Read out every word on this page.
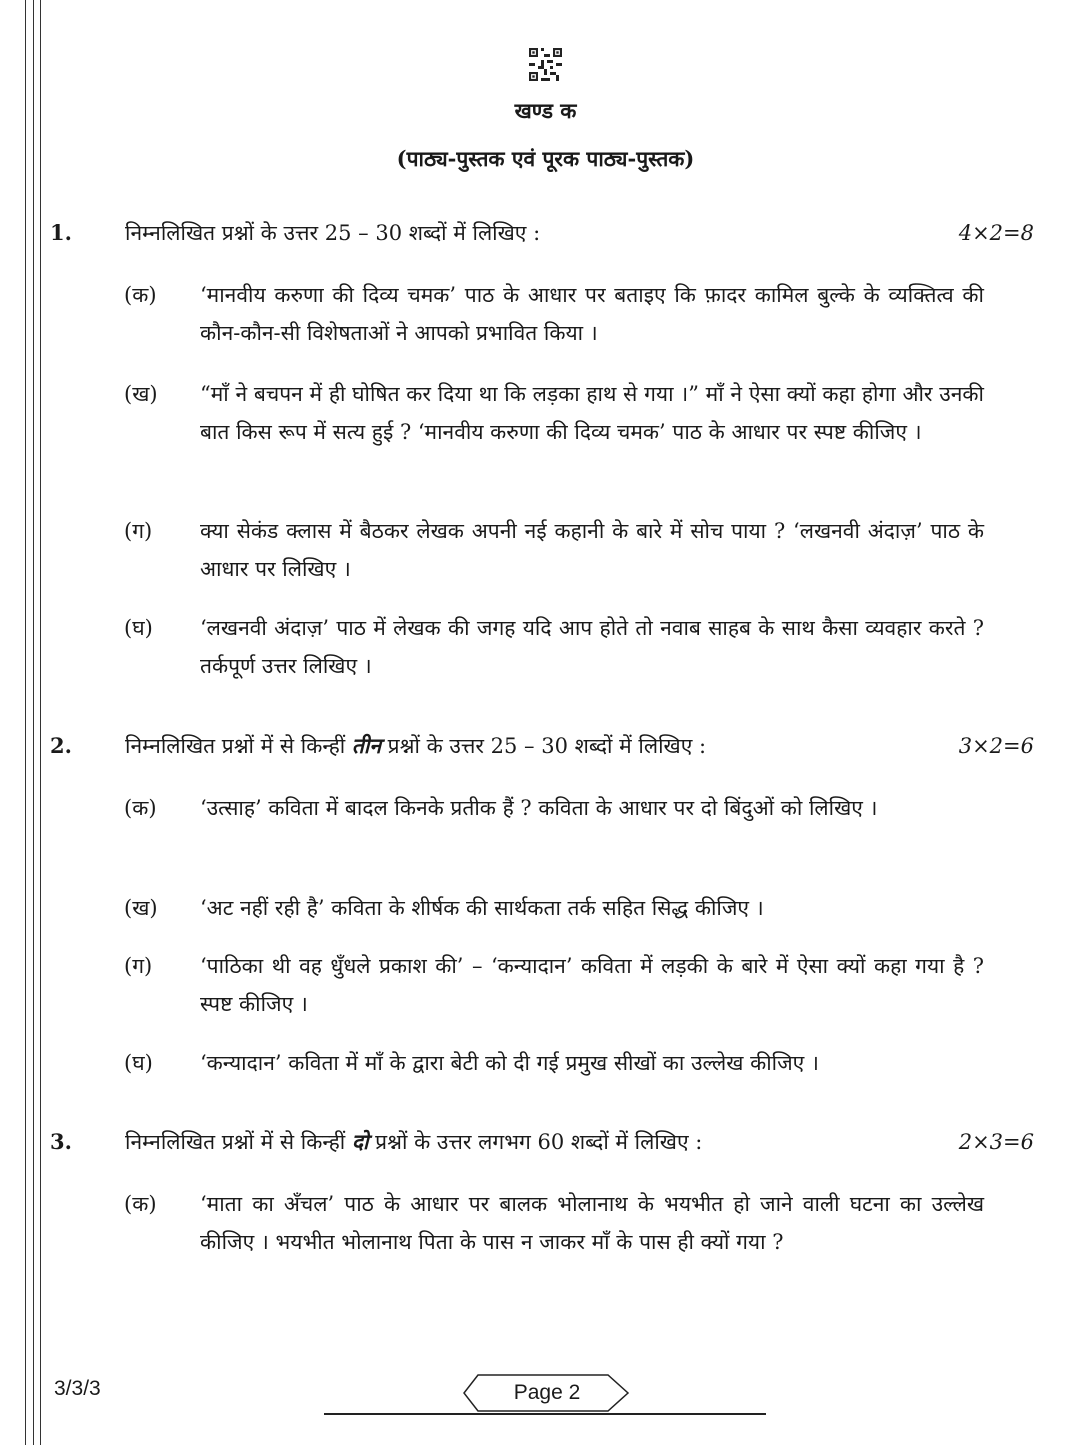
खण्ड क
(पाठ्य-पुस्तक एवं पूरक पाठ्य-पुस्तक)
1.	निम्नलिखित प्रश्नों के उत्तर 25 – 30 शब्दों में लिखिए :	4×2=8
(क) ‘मानवीय करुणा की दिव्य चमक’ पाठ के आधार पर बताइए कि फ़ादर कामिल बुल्के के व्यक्तित्व की कौन-कौन-सी विशेषताओं ने आपको प्रभावित किया ।
(ख) “माँ ने बचपन में ही घोषित कर दिया था कि लड़का हाथ से गया ।” माँ ने ऐसा क्यों कहा होगा और उनकी बात किस रूप में सत्य हुई ? ‘मानवीय करुणा की दिव्य चमक’ पाठ के आधार पर स्पष्ट कीजिए ।
(ग) क्या सेकंड क्लास में बैठकर लेखक अपनी नई कहानी के बारे में सोच पाया ? ‘लखनवी अंदाज़’ पाठ के आधार पर लिखिए ।
(घ) ‘लखनवी अंदाज़’ पाठ में लेखक की जगह यदि आप होते तो नवाब साहब के साथ कैसा व्यवहार करते ? तर्कपूर्ण उत्तर लिखिए ।
2.	निम्नलिखित प्रश्नों में से किन्हीं तीन प्रश्नों के उत्तर 25 – 30 शब्दों में लिखिए :	3×2=6
(क) ‘उत्साह’ कविता में बादल किनके प्रतीक हैं ? कविता के आधार पर दो बिंदुओं को लिखिए ।
(ख) ‘अट नहीं रही है’ कविता के शीर्षक की सार्थकता तर्क सहित सिद्ध कीजिए ।
(ग) ‘पाठिका थी वह धुँधले प्रकाश की’ – ‘कन्यादान’ कविता में लड़की के बारे में ऐसा क्यों कहा गया है ? स्पष्ट कीजिए ।
(घ) ‘कन्यादान’ कविता में माँ के द्वारा बेटी को दी गई प्रमुख सीखों का उल्लेख कीजिए ।
3.	निम्नलिखित प्रश्नों में से किन्हीं दो प्रश्नों के उत्तर लगभग 60 शब्दों में लिखिए :	2×3=6
(क) ‘माता का अँचल’ पाठ के आधार पर बालक भोलानाथ के भयभीत हो जाने वाली घटना का उल्लेख कीजिए । भयभीत भोलानाथ पिता के पास न जाकर माँ के पास ही क्यों गया ?
3/3/3	Page 2
